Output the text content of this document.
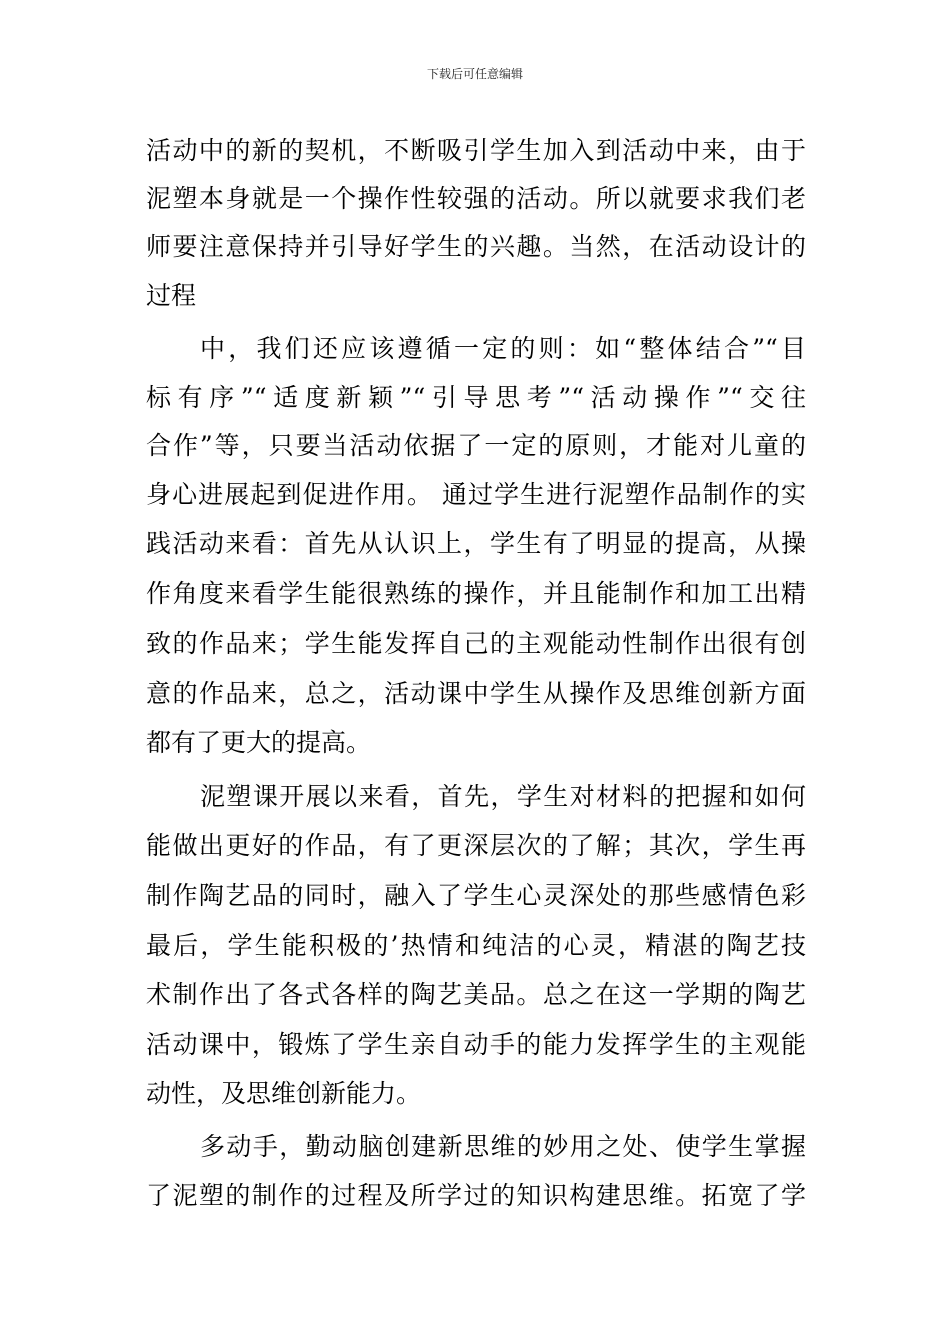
下载后可任意编辑
活动中的新的契机，不断吸引学生加入到活动中来，由于
泥塑本身就是一个操作性较强的活动。所以就要求我们老
师要注意保持并引导好学生的兴趣。当然，在活动设计的
过程
中，我们还应该遵循一定的则：如“整体结合”“目
标有序”“适度新颖”“引导思考”“活动操作”“交往
合作”等，只要当活动依据了一定的原则，才能对儿童的
身心进展起到促进作用。 通过学生进行泥塑作品制作的实
践活动来看：首先从认识上，学生有了明显的提高，从操
作角度来看学生能很熟练的操作，并且能制作和加工出精
致的作品来；学生能发挥自己的主观能动性制作出很有创
意的作品来，总之，活动课中学生从操作及思维创新方面
都有了更大的提高。
泥塑课开展以来看，首先，学生对材料的把握和如何
能做出更好的作品，有了更深层次的了解；其次，学生再
制作陶艺品的同时，融入了学生心灵深处的那些感情色彩
最后，学生能积极的’热情和纯洁的心灵，精湛的陶艺技
术制作出了各式各样的陶艺美品。总之在这一学期的陶艺
活动课中，锻炼了学生亲自动手的能力发挥学生的主观能
动性，及思维创新能力。
多动手，勤动脑创建新思维的妙用之处、使学生掌握
了泥塑的制作的过程及所学过的知识构建思维。拓宽了学
